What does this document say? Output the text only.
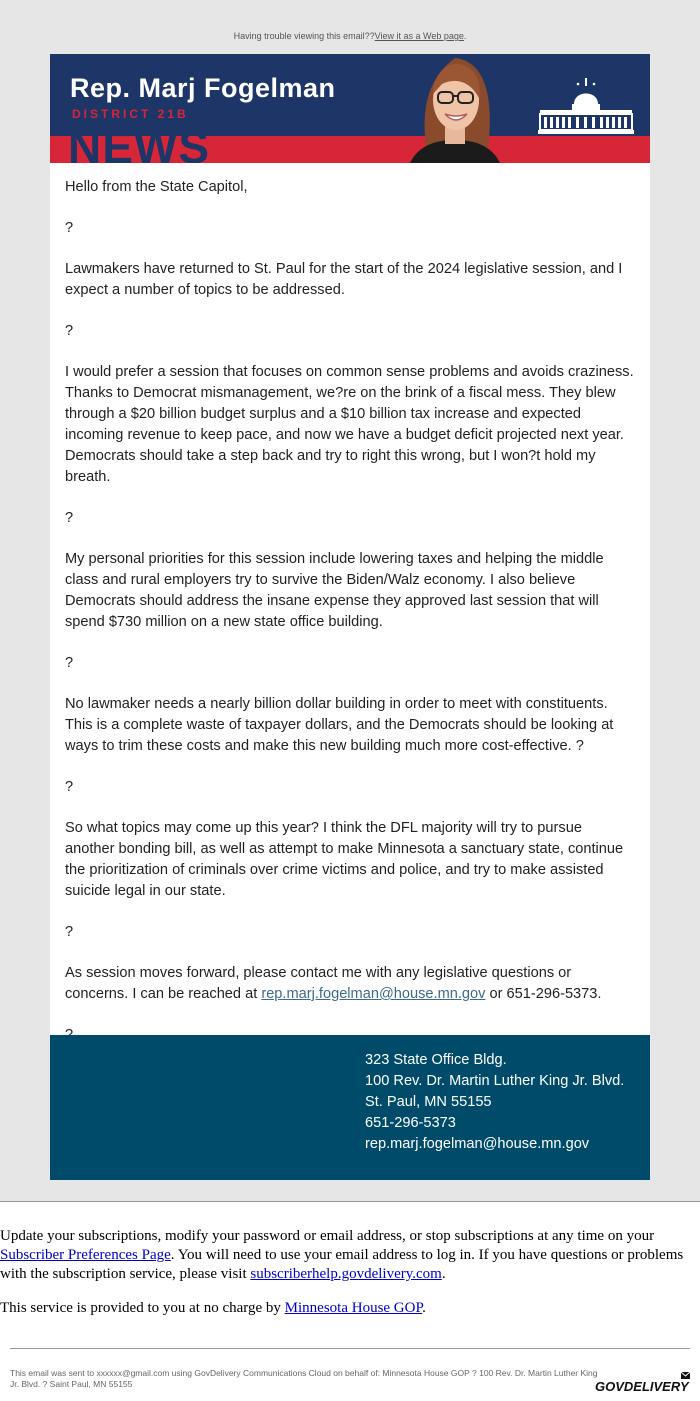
Having trouble viewing this email??View it as a Web page.
Rep. Marj Fogelman
DISTRICT 21B
NEWS

Hello from the State Capitol,

?

Lawmakers have returned to St. Paul for the start of the 2024 legislative session, and I expect a number of topics to be addressed.

?

I would prefer a session that focuses on common sense problems and avoids craziness. Thanks to Democrat mismanagement, we?re on the brink of a fiscal mess. They blew through a $20 billion budget surplus and a $10 billion tax increase and expected incoming revenue to keep pace, and now we have a budget deficit projected next year. Democrats should take a step back and try to right this wrong, but I won?t hold my breath.

?

My personal priorities for this session include lowering taxes and helping the middle class and rural employers try to survive the Biden/Walz economy. I also believe Democrats should address the insane expense they approved last session that will spend $730 million on a new state office building.

?

No lawmaker needs a nearly billion dollar building in order to meet with constituents. This is a complete waste of taxpayer dollars, and the Democrats should be looking at ways to trim these costs and make this new building much more cost-effective. ?

?

So what topics may come up this year? I think the DFL majority will try to pursue another bonding bill, as well as attempt to make Minnesota a sanctuary state, continue the prioritization of criminals over crime victims and police, and try to make assisted suicide legal in our state.

?

As session moves forward, please contact me with any legislative questions or concerns. I can be reached at rep.marj.fogelman@house.mn.gov or 651-296-5373.

323 State Office Bldg.
100 Rev. Dr. Martin Luther King Jr. Blvd.
St. Paul, MN 55155
651-296-5373
rep.marj.fogelman@house.mn.gov

Update your subscriptions, modify your password or email address, or stop subscriptions at any time on your Subscriber Preferences Page. You will need to use your email address to log in. If you have questions or problems with the subscription service, please visit subscriberhelp.govdelivery.com.

This service is provided to you at no charge by Minnesota House GOP.

This email was sent to xxxxxx@gmail.com using GovDelivery Communications Cloud on behalf of: Minnesota House GOP ? 100 Rev. Dr. Martin Luther King Jr. Blvd. ? Saint Paul, MN 55155	GOVDELIVERY
